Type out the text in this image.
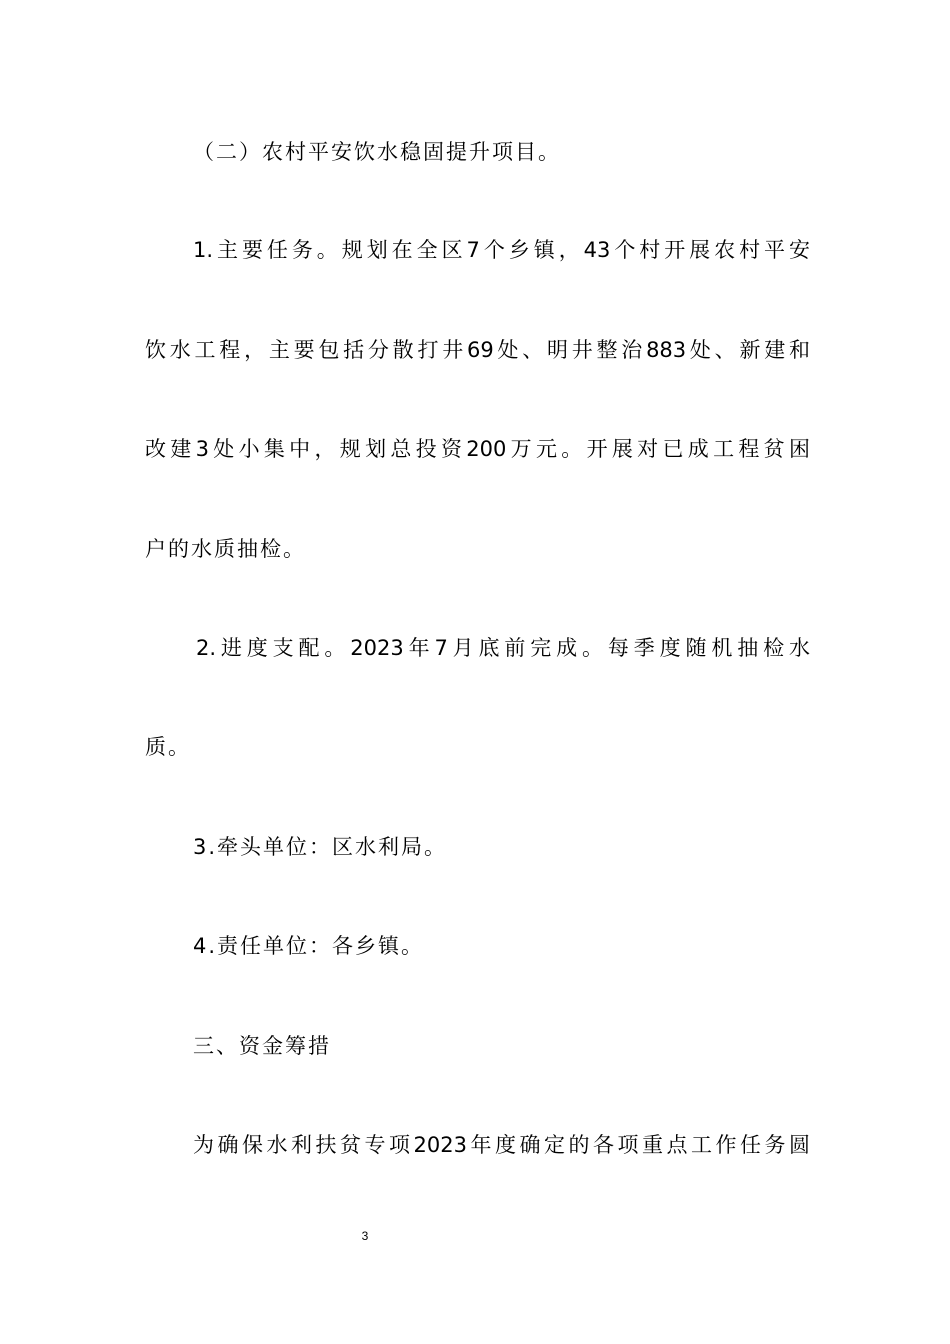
（二）农村平安饮水稳固提升项目。
1.主要任务。规划在全区7个乡镇，43个村开展农村平安
饮水工程，主要包括分散打井69处、明井整治883处、新建和
改建3处小集中，规划总投资200万元。开展对已成工程贫困
户的水质抽检。
2.进度支配。2023年7月底前完成。每季度随机抽检水
质。
3.牵头单位：区水利局。
4.责任单位：各乡镇。
三、资金筹措
为确保水利扶贫专项2023年度确定的各项重点工作任务圆
3
